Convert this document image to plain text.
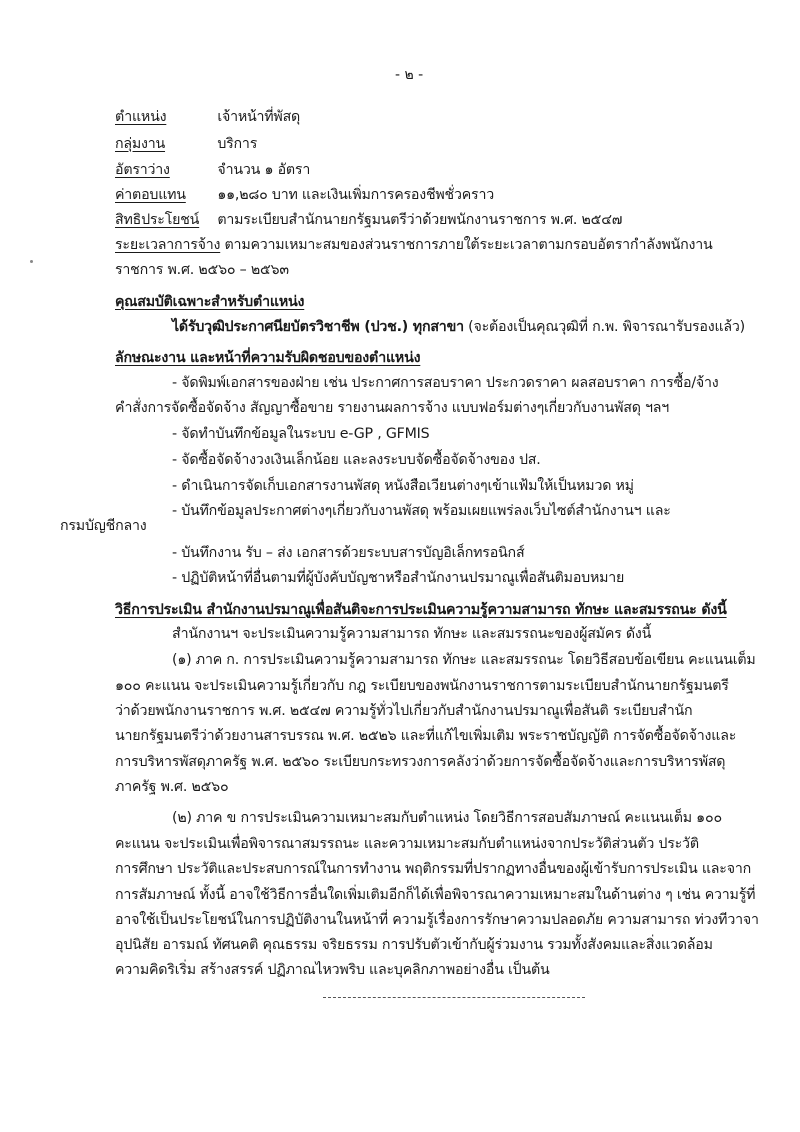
- ๒ -
ตำแหน่ง	เจ้าหน้าที่พัสดุ
กลุ่มงาน	บริการ
อัตราว่าง	จำนวน ๑ อัตรา
ค่าตอบแทน ๑๑,๒๘๐ บาท และเงินเพิ่มการครองชีพชั่วคราว
สิทธิประโยชน์ ตามระเบียบสำนักนายกรัฐมนตรีว่าด้วยพนักงานราชการ พ.ศ. ๒๕๔๗
ระยะเวลาการจ้าง ตามความเหมาะสมของส่วนราชการภายใต้ระยะเวลาตามกรอบอัตรากำลังพนักงาน
ราชการ พ.ศ. ๒๕๖๐ – ๒๕๖๓
คุณสมบัติเฉพาะสำหรับตำแหน่ง
ได้รับวุฒิประกาศนียบัตรวิชาชีพ (ปวช.) ทุกสาขา (จะต้องเป็นคุณวุฒิที่ ก.พ. พิจารณารับรองแล้ว)
ลักษณะงาน และหน้าที่ความรับผิดชอบของตำแหน่ง
- จัดพิมพ์เอกสารของฝ่าย เช่น ประกาศการสอบราคา ประกวดราคา ผลสอบราคา การซื้อ/จ้าง
คำสั่งการจัดซื้อจัดจ้าง สัญญาซื้อขาย รายงานผลการจ้าง แบบฟอร์มต่างๆเกี่ยวกับงานพัสดุ ฯลฯ
- จัดทำบันทึกข้อมูลในระบบ e-GP , GFMIS
- จัดซื้อจัดจ้างวงเงินเล็กน้อย และลงระบบจัดซื้อจัดจ้างของ ปส.
- ดำเนินการจัดเก็บเอกสารงานพัสดุ หนังสือเวียนต่างๆเข้าแฟ้มให้เป็นหมวด หมู่
- บันทึกข้อมูลประกาศต่างๆเกี่ยวกับงานพัสดุ พร้อมเผยแพร่ลงเว็บไซต์สำนักงานฯ และ
กรมบัญชีกลาง
- บันทึกงาน รับ – ส่ง เอกสารด้วยระบบสารบัญอิเล็กทรอนิกส์
- ปฏิบัติหน้าที่อื่นตามที่ผู้บังคับบัญชาหรือสำนักงานปรมาณูเพื่อสันติมอบหมาย
วิธีการประเมิน สำนักงานปรมาณูเพื่อสันติจะการประเมินความรู้ความสามารถ ทักษะ และสมรรถนะ ดังนี้
สำนักงานฯ จะประเมินความรู้ความสามารถ ทักษะ และสมรรถนะของผู้สมัคร ดังนี้
(๑) ภาค ก. การประเมินความรู้ความสามารถ ทักษะ และสมรรถนะ โดยวิธีสอบข้อเขียน คะแนนเต็ม
๑๐๐ คะแนน จะประเมินความรู้เกี่ยวกับ กฎ ระเบียบของพนักงานราชการตามระเบียบสำนักนายกรัฐมนตรี
ว่าด้วยพนักงานราชการ พ.ศ. ๒๕๔๗ ความรู้ทั่วไปเกี่ยวกับสำนักงานปรมาณูเพื่อสันติ ระเบียบสำนัก
นายกรัฐมนตรีว่าด้วยงานสารบรรณ พ.ศ. ๒๕๒๖ และที่แก้ไขเพิ่มเติม พระราชบัญญัติ การจัดซื้อจัดจ้างและ
การบริหารพัสดุภาครัฐ พ.ศ. ๒๕๖๐ ระเบียบกระทรวงการคลังว่าด้วยการจัดซื้อจัดจ้างและการบริหารพัสดุ
ภาครัฐ พ.ศ. ๒๕๖๐
(๒) ภาค ข การประเมินความเหมาะสมกับตำแหน่ง โดยวิธีการสอบสัมภาษณ์ คะแนนเต็ม ๑๐๐
คะแนน จะประเมินเพื่อพิจารณาสมรรถนะ และความเหมาะสมกับตำแหน่งจากประวัติส่วนตัว ประวัติ
การศึกษา ประวัติและประสบการณ์ในการทำงาน พฤติกรรมที่ปรากฏทางอื่นของผู้เข้ารับการประเมิน และจาก
การสัมภาษณ์ ทั้งนี้ อาจใช้วิธีการอื่นใดเพิ่มเติมอีกก็ได้เพื่อพิจารณาความเหมาะสมในด้านต่าง ๆ เช่น ความรู้ที่
อาจใช้เป็นประโยชน์ในการปฏิบัติงานในหน้าที่ ความรู้เรื่องการรักษาความปลอดภัย ความสามารถ ท่วงทีวาจา
อุปนิสัย อารมณ์ ทัศนคติ คุณธรรม จริยธรรม การปรับตัวเข้ากับผู้ร่วมงาน รวมทั้งสังคมและสิ่งแวดล้อม
ความคิดริเริ่ม สร้างสรรค์ ปฏิภาณไหวพริบ และบุคลิกภาพอย่างอื่น เป็นต้น
